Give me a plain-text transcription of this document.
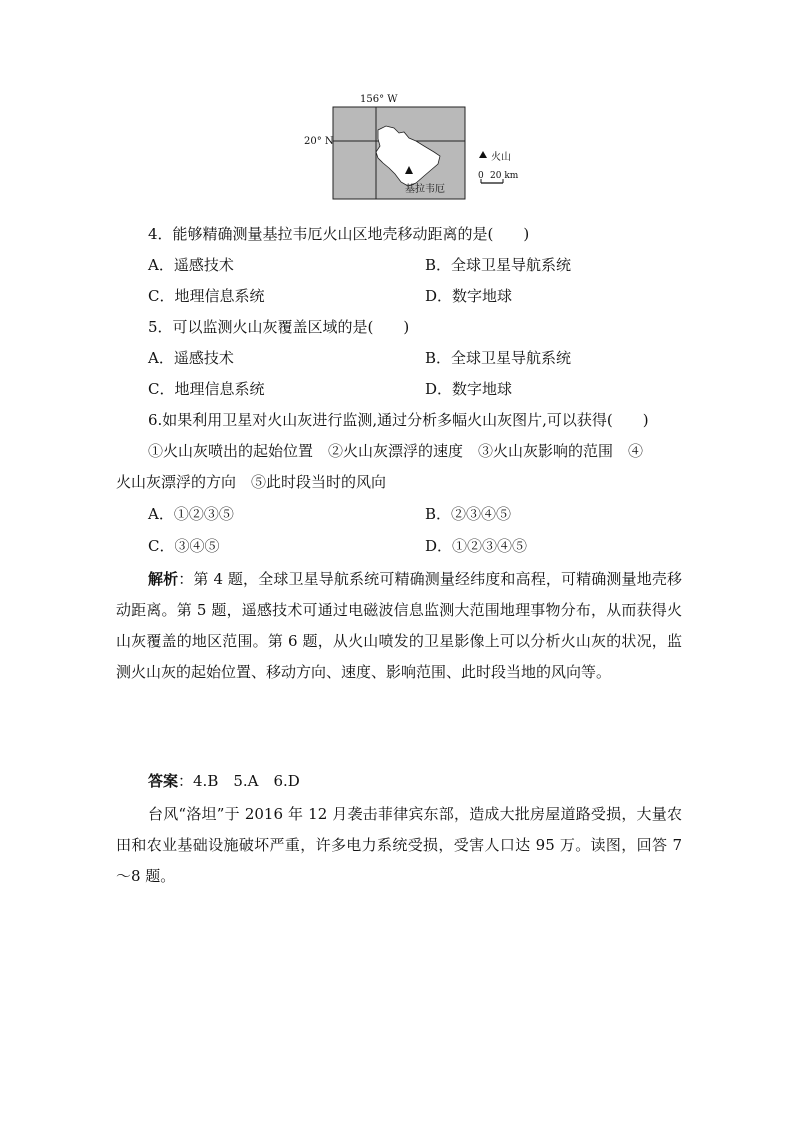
156° W
20° N
火山
0 20 km
基拉韦厄
4．能够精确测量基拉韦厄火山区地壳移动距离的是(　　)
A．遥感技术	B．全球卫星导航系统
C．地理信息系统	D．数字地球
5．可以监测火山灰覆盖区域的是(　　)
A．遥感技术	B．全球卫星导航系统
C．地理信息系统	D．数字地球
6.如果利用卫星对火山灰进行监测,通过分析多幅火山灰图片,可以获得(　　)
①火山灰喷出的起始位置　②火山灰漂浮的速度　③火山灰影响的范围　④
火山灰漂浮的方向　⑤此时段当时的风向
A．①②③⑤	B．②③④⑤
C．③④⑤	D．①②③④⑤
解析：第 4 题，全球卫星导航系统可精确测量经纬度和高程，可精确测量地壳移动距离。第 5 题，遥感技术可通过电磁波信息监测大范围地理事物分布，从而获得火山灰覆盖的地区范围。第 6 题，从火山喷发的卫星影像上可以分析火山灰的状况，监测火山灰的起始位置、移动方向、速度、影响范围、此时段当地的风向等。
答案：4.B　5.A　6.D
台风“洛坦”于 2016 年 12 月袭击菲律宾东部，造成大批房屋道路受损，大量农田和农业基础设施破坏严重，许多电力系统受损，受害人口达 95 万。读图，回答 7～8 题。
